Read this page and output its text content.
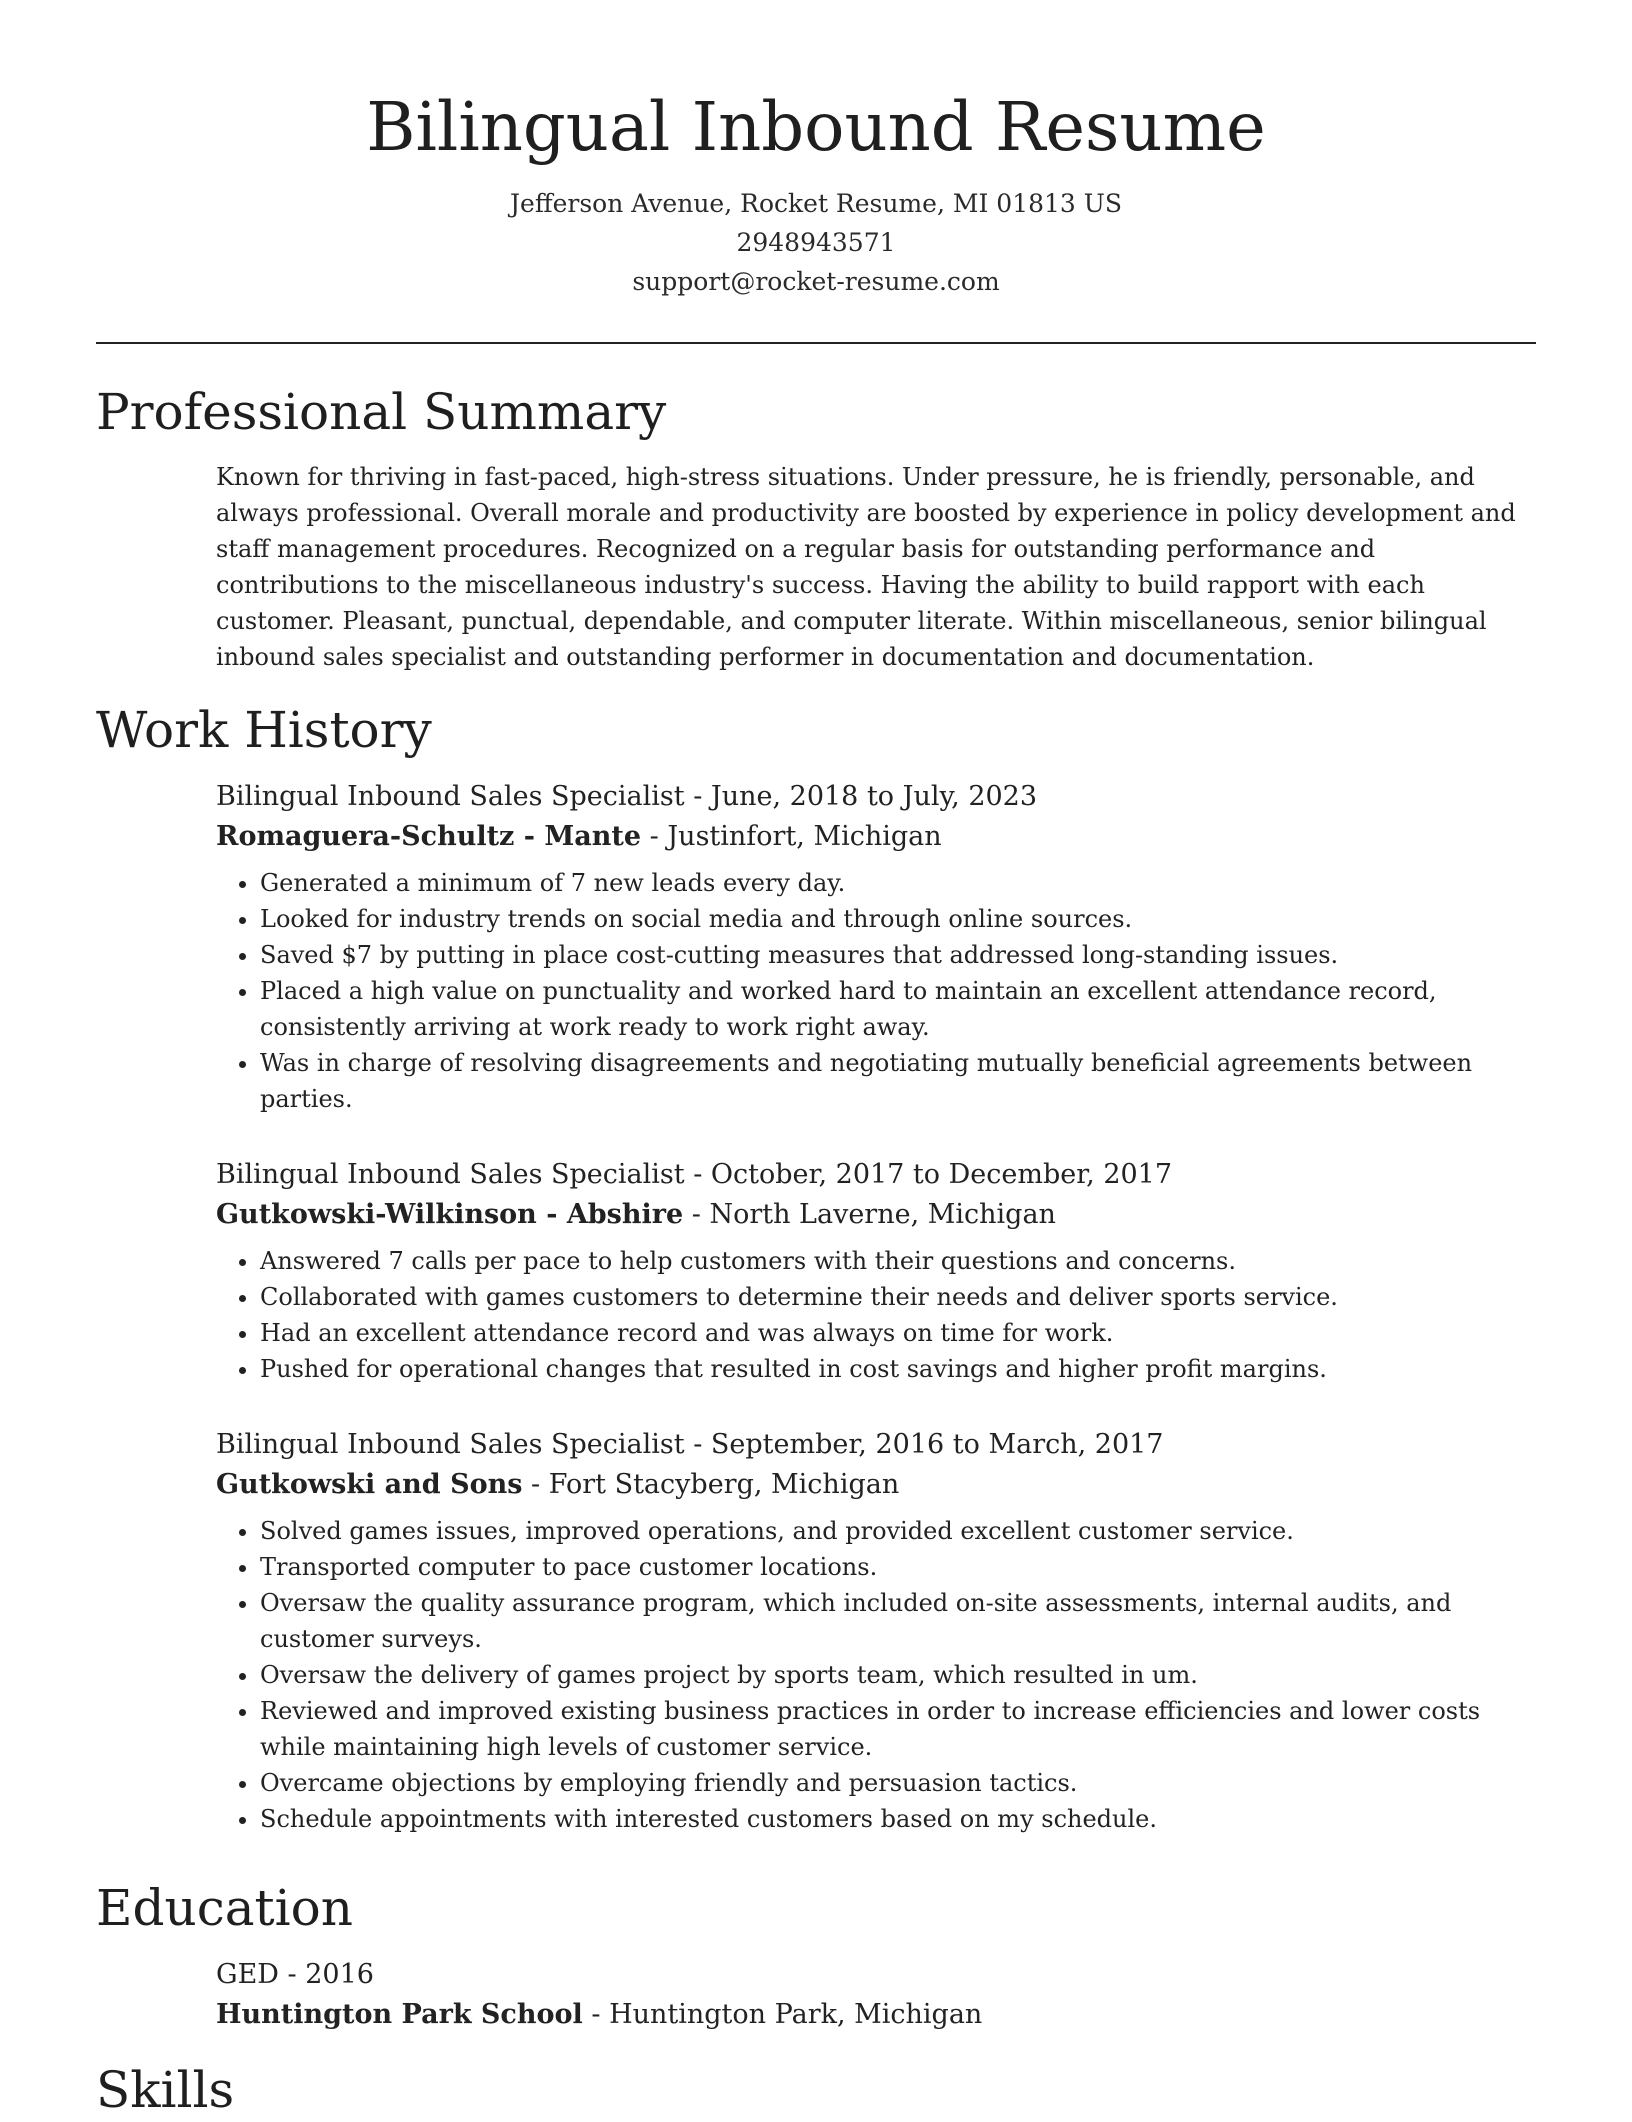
Bilingual Inbound Resume
Jefferson Avenue, Rocket Resume, MI 01813 US
2948943571
support@rocket-resume.com
Professional Summary

Known for thriving in fast-paced, high-stress situations. Under pressure, he is friendly, personable, and always professional. Overall morale and productivity are boosted by experience in policy development and staff management procedures. Recognized on a regular basis for outstanding performance and contributions to the miscellaneous industry's success. Having the ability to build rapport with each customer. Pleasant, punctual, dependable, and computer literate. Within miscellaneous, senior bilingual inbound sales specialist and outstanding performer in documentation and documentation.

Work History
Bilingual Inbound Sales Specialist - June, 2018 to July, 2023
Romaguera-Schultz - Mante - Justinfort, Michigan
• Generated a minimum of 7 new leads every day.
• Looked for industry trends on social media and through online sources.
• Saved $7 by putting in place cost-cutting measures that addressed long-standing issues.
• Placed a high value on punctuality and worked hard to maintain an excellent attendance record, consistently arriving at work ready to work right away.
• Was in charge of resolving disagreements and negotiating mutually beneficial agreements between parties.
Bilingual Inbound Sales Specialist - October, 2017 to December, 2017
Gutkowski-Wilkinson - Abshire - North Laverne, Michigan
• Answered 7 calls per pace to help customers with their questions and concerns.
• Collaborated with games customers to determine their needs and deliver sports service.
• Had an excellent attendance record and was always on time for work.
• Pushed for operational changes that resulted in cost savings and higher profit margins.
Bilingual Inbound Sales Specialist - September, 2016 to March, 2017
Gutkowski and Sons - Fort Stacyberg, Michigan
• Solved games issues, improved operations, and provided excellent customer service.
• Transported computer to pace customer locations.
• Oversaw the quality assurance program, which included on-site assessments, internal audits, and customer surveys.
• Oversaw the delivery of games project by sports team, which resulted in um.
• Reviewed and improved existing business practices in order to increase efficiencies and lower costs while maintaining high levels of customer service.
• Overcame objections by employing friendly and persuasion tactics.
• Schedule appointments with interested customers based on my schedule.
Education
GED - 2016
Huntington Park School - Huntington Park, Michigan
Skills
